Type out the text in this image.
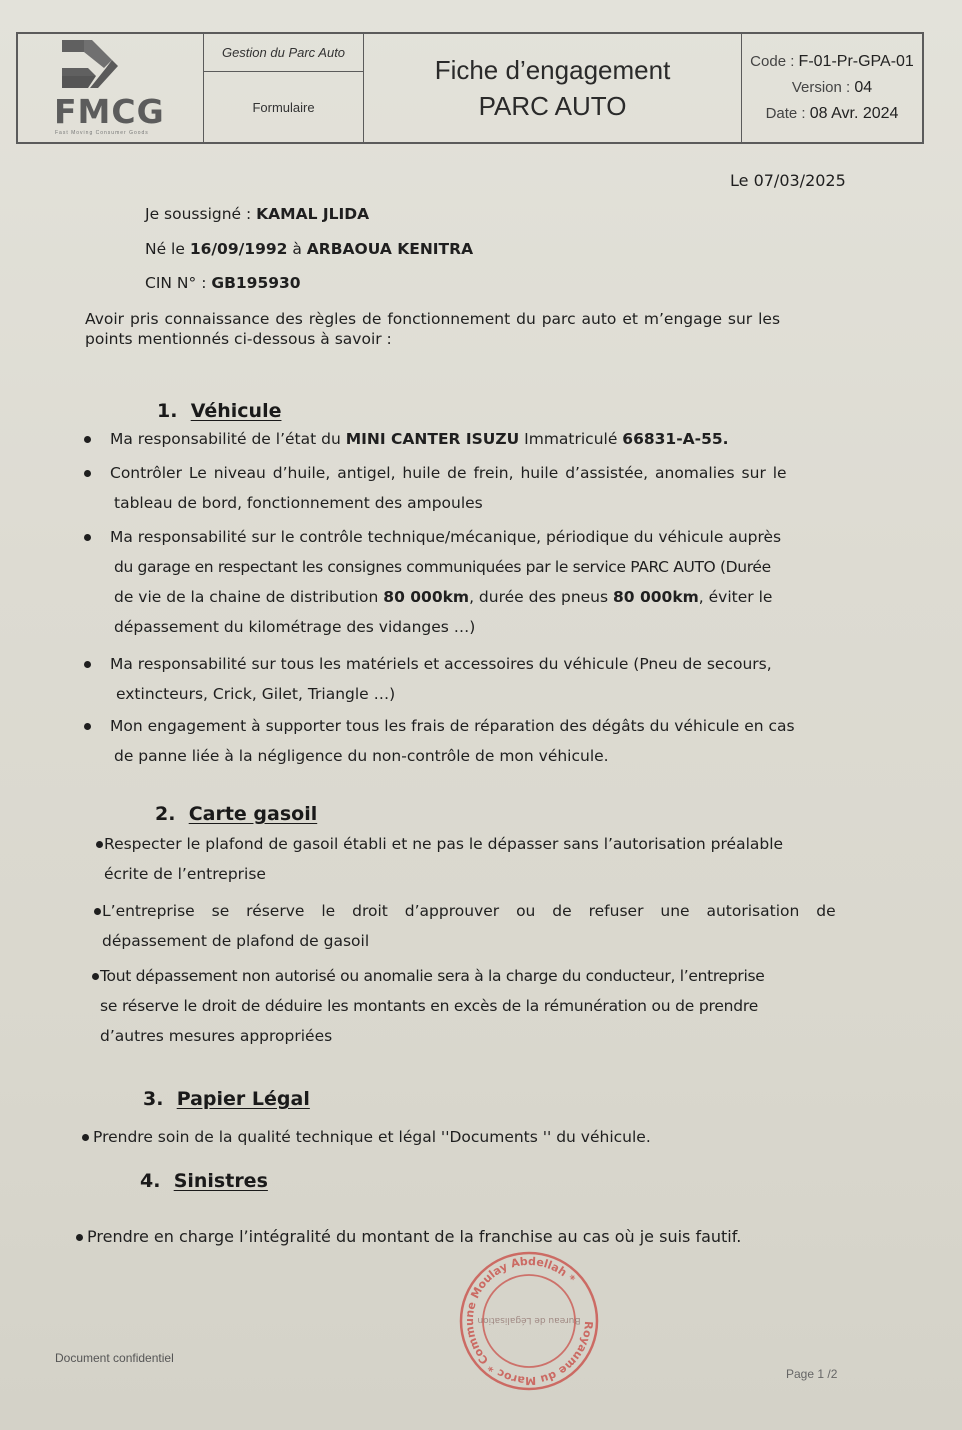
FMCG
Fast Moving Consumer Goods
Gestion du Parc Auto
Formulaire
Fiche d’engagement
PARC AUTO
Code : F-01-Pr-GPA-01
Version : 04
Date : 08 Avr. 2024
Le 07/03/2025
Je soussigné : KAMAL JLIDA
Né le 16/09/1992 à ARBAOUA KENITRA
CIN N° : GB195930
Avoir pris connaissance des règles de fonctionnement du parc auto et m’engage sur les
points mentionnés ci-dessous à savoir :
1. Véhicule
Ma responsabilité de l’état du MINI CANTER ISUZU Immatriculé 66831-A-55.
Contrôler Le niveau d’huile, antigel, huile de frein, huile d’assistée, anomalies sur le
tableau de bord, fonctionnement des ampoules
Ma responsabilité sur le contrôle technique/mécanique, périodique du véhicule auprès
du garage en respectant les consignes communiquées par le service PARC AUTO (Durée
de vie de la chaine de distribution 80 000km, durée des pneus 80 000km, éviter le
dépassement du kilométrage des vidanges …)
Ma responsabilité sur tous les matériels et accessoires du véhicule (Pneu de secours,
extincteurs, Crick, Gilet, Triangle …)
Mon engagement à supporter tous les frais de réparation des dégâts du véhicule en cas
de panne liée à la négligence du non-contrôle de mon véhicule.
2. Carte gasoil
Respecter le plafond de gasoil établi et ne pas le dépasser sans l’autorisation préalable
écrite de l’entreprise
L’entreprise se réserve le droit d’approuver ou de refuser une autorisation de
dépassement de plafond de gasoil
Tout dépassement non autorisé ou anomalie sera à la charge du conducteur, l’entreprise
se réserve le droit de déduire les montants en excès de la rémunération ou de prendre
d’autres mesures appropriées
3. Papier Légal
Prendre soin de la qualité technique et légal ''Documents '' du véhicule.
4. Sinistres
Prendre en charge l’intégralité du montant de la franchise au cas où je suis fautif.
Royaume du Maroc * Commune Moulay Abdellah *
Bureau de Légalisation
Document confidentiel
Page 1 /2
